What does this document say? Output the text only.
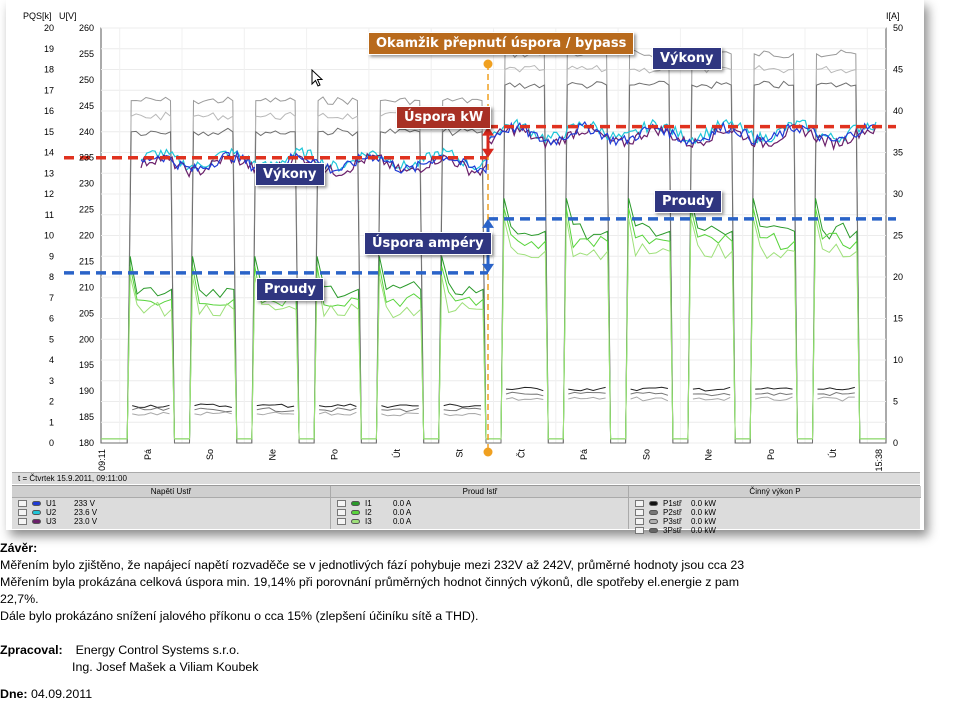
PQS[k] U[V]	I[A]
20
19
18
17
16
15
14
13
12
11
10
9
8
7
6
5
4
3
2
1
0
260
255
250
245
240
235
230
225
220
215
210
205
200
195
190
185
180
50
45
40
35
30
25
20
15
10
5
0
09:11	Pá	So	Ne	Po	Út	St	Čt	Pá	So	Ne	Po	Út	15:38
Okamžik přepnutí úspora / bypass
Výkony
Úspora kW
Výkony
Proudy
Úspora ampéry
Proudy
t = Čtvrtek 15.9.2011, 09:11:00
Napětí Ustř
U1	233 V
U2	23.6 V
U3	23.0 V
Proud Istř
I1	0.0 A
I2	0.0 A
I3	0.0 A
Činný výkon P
P1stř	0.0 kW
P2stř	0.0 kW
P3stř	0.0 kW
3Pstř	0.0 kW
Závěr:
Měřením bylo zjištěno, že napájecí napětí rozvaděče se v jednotlivých fází pohybuje mezi 232V až 242V, průměrné hodnoty jsou cca 23
Měřením byla prokázána celková úspora min. 19,14% při porovnání průměrných hodnot činných výkonů, dle spotřeby el.energie z pam
22,7%.
Dále bylo prokázáno snížení jalového příkonu o cca 15% (zlepšení účiníku sítě a THD).
Zpracoval: Energy Control Systems s.r.o.
Ing. Josef Mašek a Viliam Koubek
Dne: 04.09.2011
